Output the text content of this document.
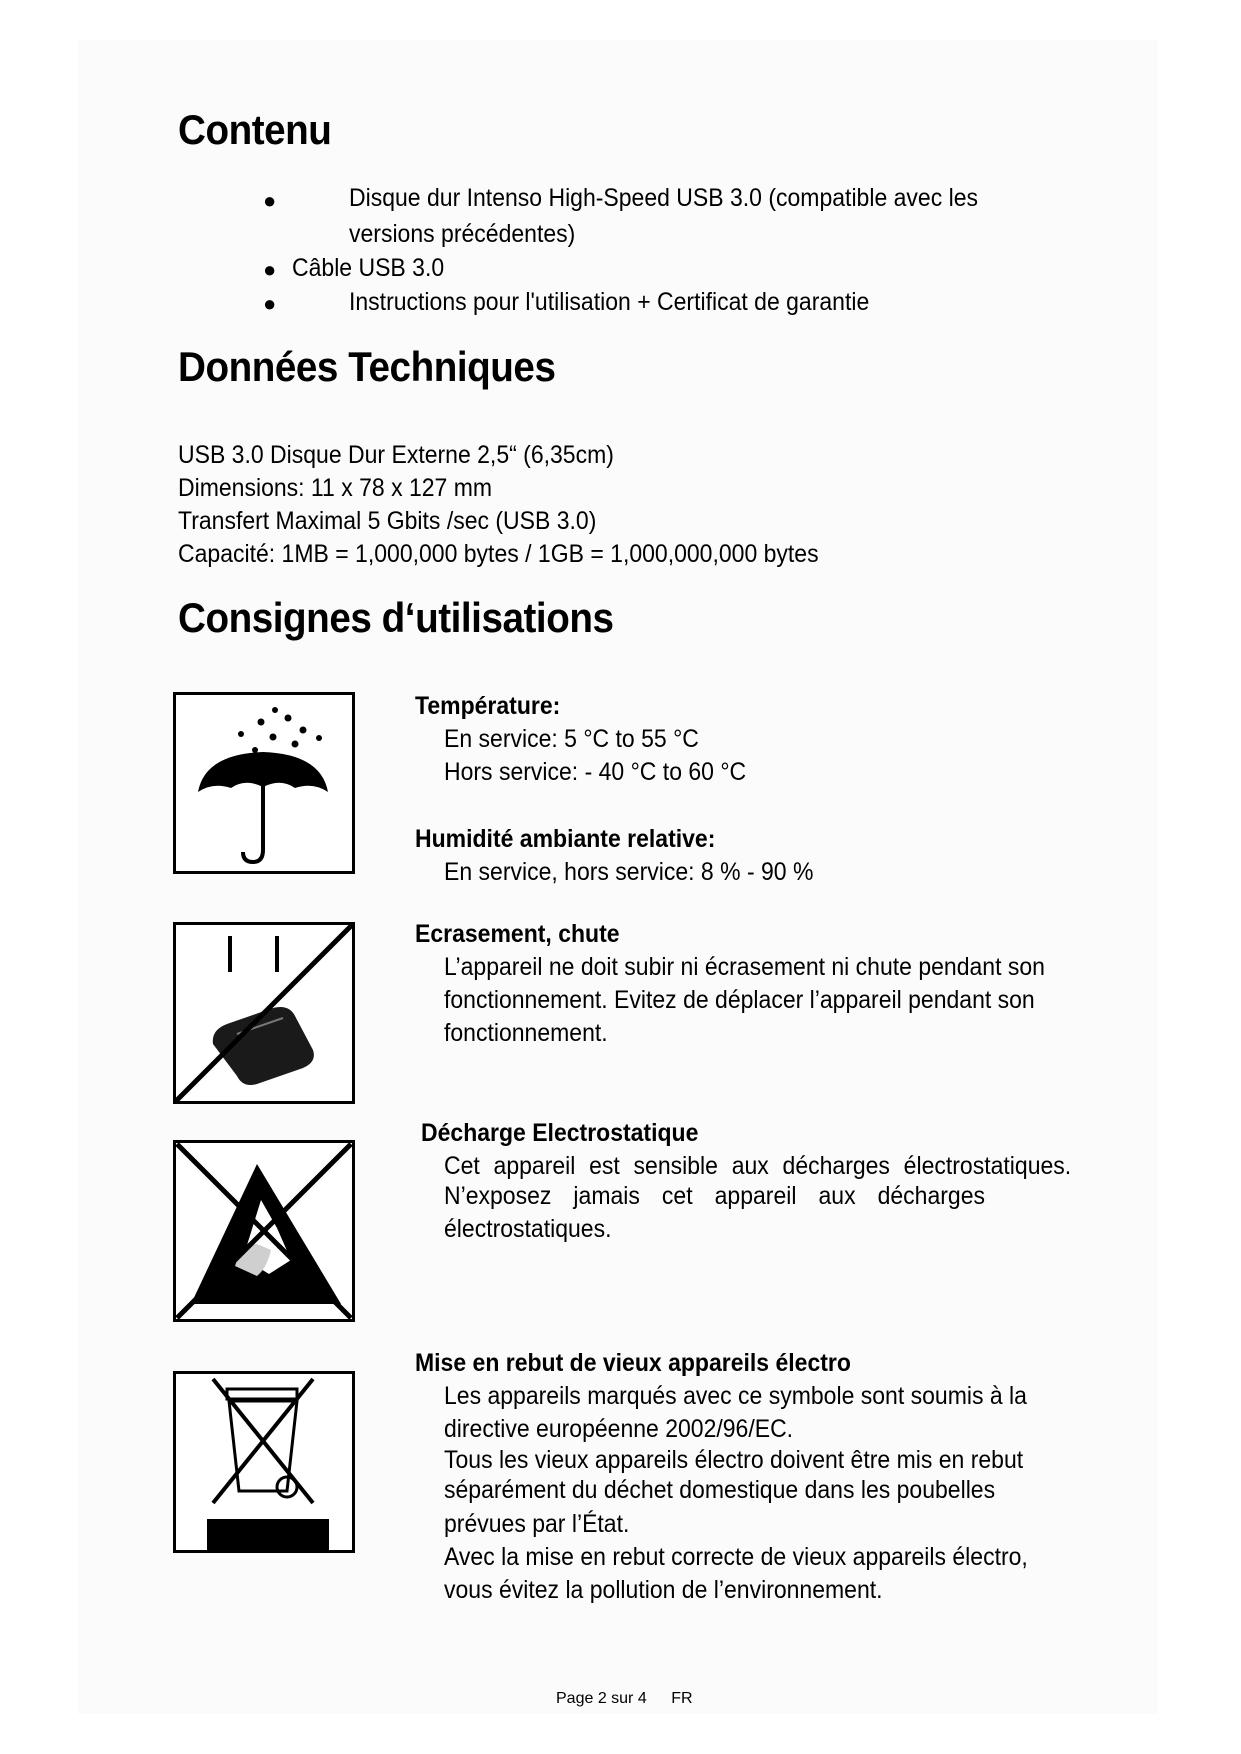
Contenu
●	Disque dur Intenso High-Speed USB 3.0 (compatible avec les

versions précédentes)

● Câble USB 3.0

●	Instructions pour l'utilisation + Certificat de garantie

Données Techniques

USB 3.0 Disque Dur Externe 2,5“ (6,35cm)

Dimensions: 11 x 78 x 127 mm

Transfert Maximal 5 Gbits /sec (USB 3.0)

Capacité: 1MB = 1,000,000 bytes / 1GB = 1,000,000,000 bytes

Consignes d‘utilisations

Température:

En service: 5 °C to 55 °C

Hors service: - 40 °C to 60 °C

Humidité ambiante relative:

En service, hors service: 8 % - 90 %

Ecrasement, chute

L’appareil ne doit subir ni écrasement ni chute pendant son

fonctionnement. Evitez de déplacer l’appareil pendant son

fonctionnement.

Décharge Electrostatique

Cet appareil est sensible aux décharges électrostatiques.

N’exposez jamais cet appareil aux décharges

électrostatiques.

Mise en rebut de vieux appareils électro

Les appareils marqués avec ce symbole sont soumis à la

directive européenne 2002/96/EC.

Tous les vieux appareils électro doivent être mis en rebut

séparément du déchet domestique dans les poubelles

prévues par l’État.

Avec la mise en rebut correcte de vieux appareils électro,

vous évitez la pollution de l’environnement.

Page 2 sur 4 FR
